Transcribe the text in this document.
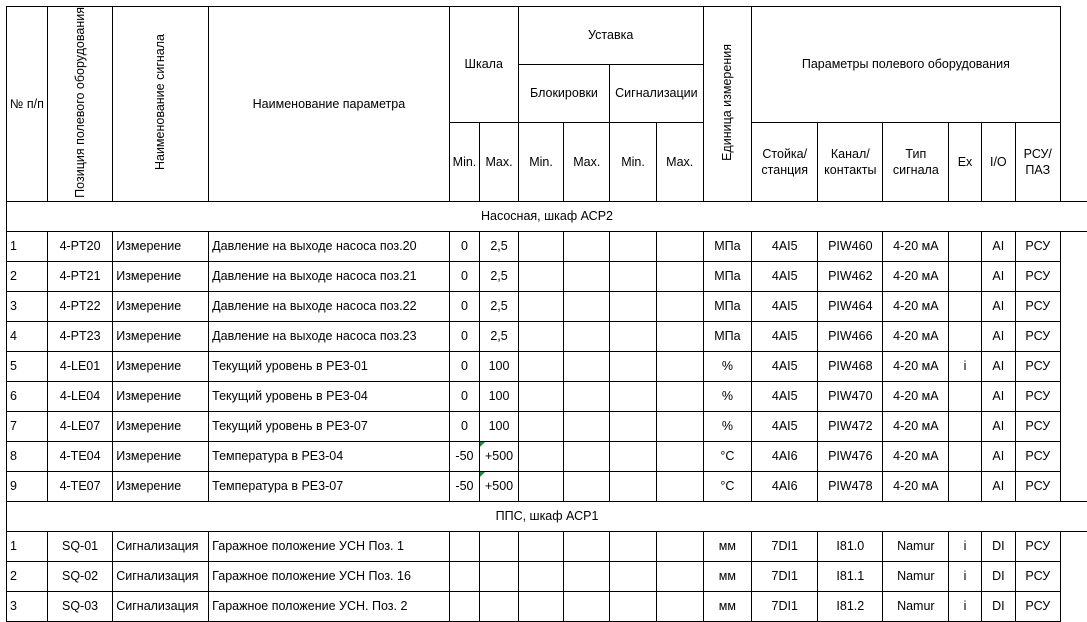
№ п/п	Позиция полевого оборудования	Наименование сигнала	Наименование параметра	Шкала		Уставка				Единица измерения	Параметры полевого оборудования						
						Блокировки		Сигнализации									
				Min.	Max.	Min.	Max.	Min.	Max.		Стойка/ станция	Канал/ контакты	Тип сигнала	Ex	I/O	РСУ/ ПАЗ	
Насосная, шкаф АСР2																	
1	4-PT20	Измерение	Давление на выходе насоса поз.20	0	2,5					МПа	4AI5	PIW460	4-20 мА		AI	РСУ	
2	4-PT21	Измерение	Давление на выходе насоса поз.21	0	2,5					МПа	4AI5	PIW462	4-20 мА		AI	РСУ	
3	4-PT22	Измерение	Давление на выходе насоса поз.22	0	2,5					МПа	4AI5	PIW464	4-20 мА		AI	РСУ	
4	4-PT23	Измерение	Давление на выходе насоса поз.23	0	2,5					МПа	4AI5	PIW466	4-20 мА		AI	РСУ	
5	4-LE01	Измерение	Текущий уровень в РЕ3-01	0	100					%	4AI5	PIW468	4-20 мА	i	AI	РСУ	
6	4-LE04	Измерение	Текущий уровень в РЕ3-04	0	100					%	4AI5	PIW470	4-20 мА		AI	РСУ	
7	4-LE07	Измерение	Текущий уровень в РЕ3-07	0	100					%	4AI5	PIW472	4-20 мА		AI	РСУ	
8	4-TE04	Измерение	Температура в РЕ3-04	-50	+500					°С	4AI6	PIW476	4-20 мА		AI	РСУ	
9	4-TE07	Измерение	Температура в РЕ3-07	-50	+500					°С	4AI6	PIW478	4-20 мА		AI	РСУ	
ППС, шкаф АСР1																	
1	SQ-01	Сигнализация	Гаражное положение УСН Поз. 1							мм	7DI1	I81.0	Namur	i	DI	РСУ	
2	SQ-02	Сигнализация	Гаражное положение УСН Поз. 16							мм	7DI1	I81.1	Namur	i	DI	РСУ	
3	SQ-03	Сигнализация	Гаражное положение УСН. Поз. 2							мм	7DI1	I81.2	Namur	i	DI	РСУ	
